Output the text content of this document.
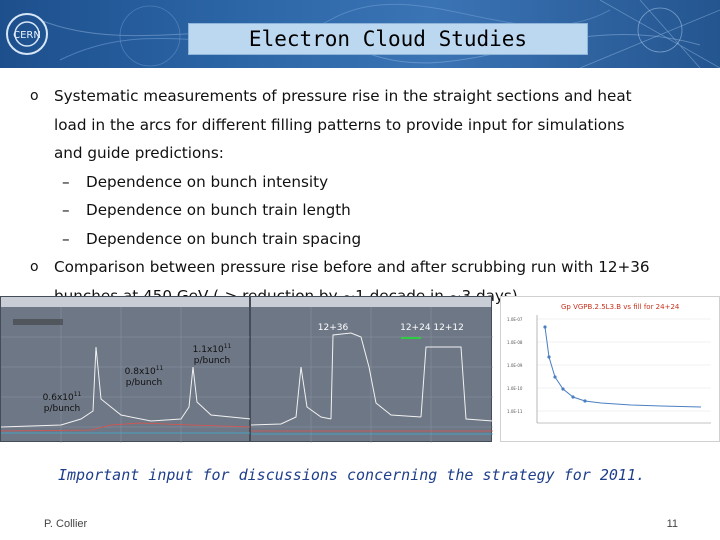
CERN	Electron Cloud Studies
o Systematic measurements of pressure rise in the straight sections and heat
load in the arcs for different filling patterns to provide input for simulations
and guide predictions:
– Dependence on bunch intensity
– Dependence on bunch train length
– Dependence on bunch train spacing
o Comparison between pressure rise before and after scrubbing run with 12+36
days)
$0.6x10^{11}$
p/bunch
$0.8x10^{11}$
p/bunch
$1.1x10^{11}$
p/bunch
12+36	12+24 12+12
Gp VGPB.2.5L3.B vs fill for 24+24
1.0E-07
1.0E-08
1.0E-09
1.0E-10
1.0E-11
Important input for discussions concerning the strategy for 2011.
P. Collier	11
